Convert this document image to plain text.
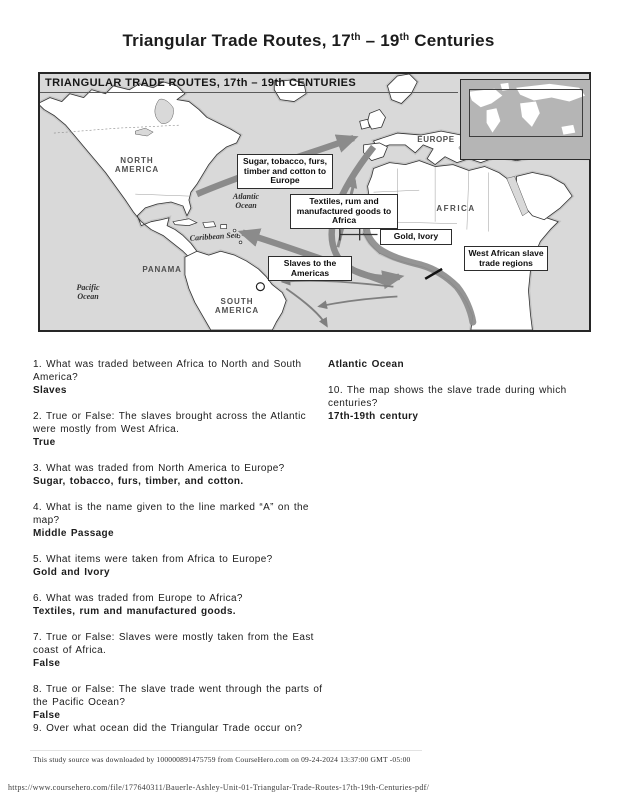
Triangular Trade Routes, 17th – 19th Centuries
TRIANGULAR TRADE ROUTES, 17th – 19th CENTURIES
NORTH
AMERICA
SOUTH
AMERICA
EUROPE
AFRICA
PANAMA
Atlantic
Ocean
Pacific
Ocean
Caribbean Sea
Sugar, tobacco, furs, timber and cotton to Europe
Textiles, rum and manufactured goods to Africa
Gold, Ivory
Slaves to the Americas
West African slave trade regions
1. What was traded between Africa to North and South America?
Slaves
2. True or False: The slaves brought across the Atlantic were mostly from West Africa.
True
3. What was traded from North America to Europe?
Sugar, tobacco, furs, timber, and cotton.
4. What is the name given to the line marked “A” on the map?
Middle Passage
5. What items were taken from Africa to Europe?
Gold and Ivory
6. What was traded from Europe to Africa?
Textiles, rum and manufactured goods.
7. True or False: Slaves were mostly taken from the East coast of Africa.
False
8. True or False: The slave trade went through the parts of the Pacific Ocean?
False
9. Over what ocean did the Triangular Trade occur on?
Atlantic Ocean
10. The map shows the slave trade during which centuries?
17th-19th century
This study source was downloaded by 100000891475759 from CourseHero.com on 09-24-2024 13:37:00 GMT -05:00
https://www.coursehero.com/file/177640311/Bauerle-Ashley-Unit-01-Triangular-Trade-Routes-17th-19th-Centuries-pdf/
